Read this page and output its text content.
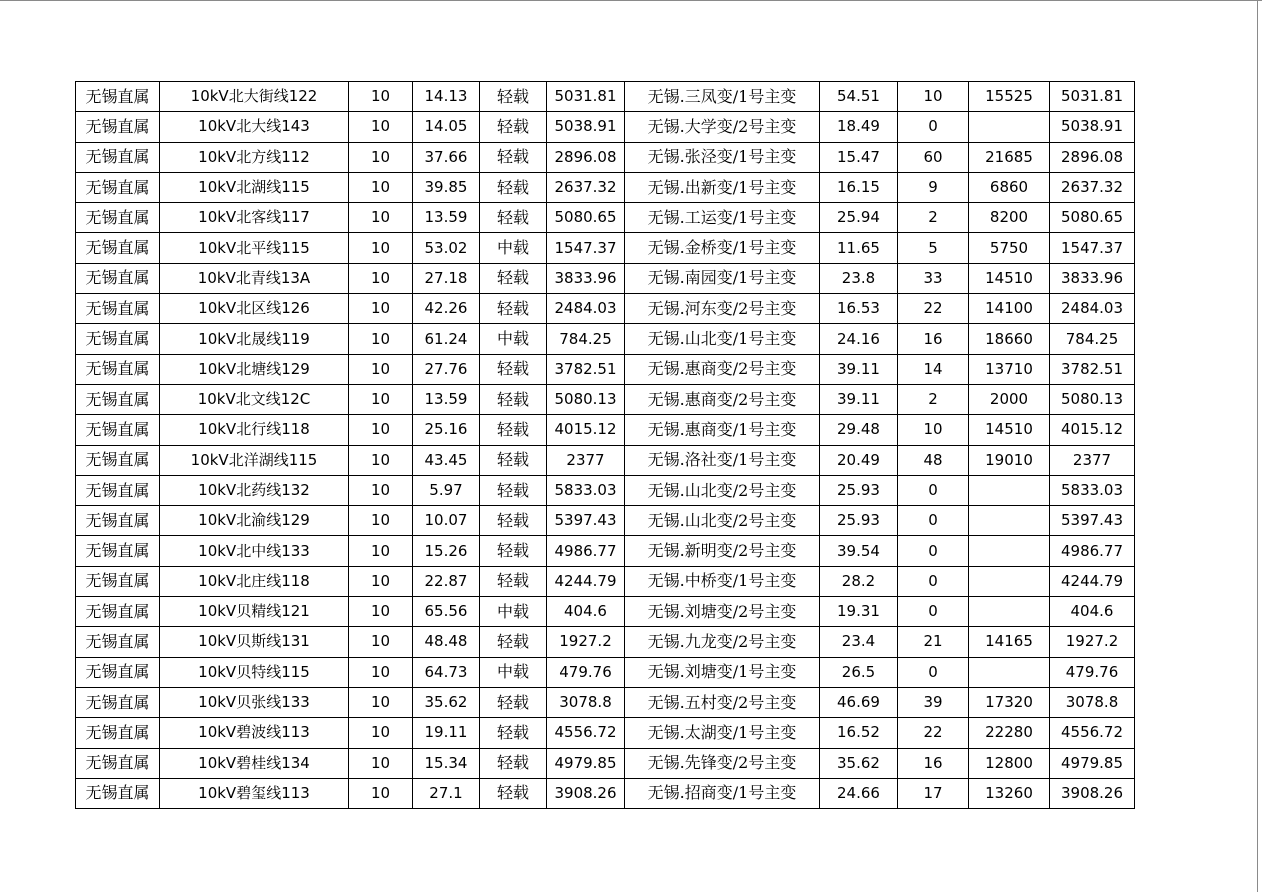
无锡直属	10kV北大街线122	10	14.13	轻载	5031.81	无锡.三凤变/1号主变	54.51	10	15525	5031.81
无锡直属	10kV北大线143	10	14.05	轻载	5038.91	无锡.大学变/2号主变	18.49	0		5038.91
无锡直属	10kV北方线112	10	37.66	轻载	2896.08	无锡.张泾变/1号主变	15.47	60	21685	2896.08
无锡直属	10kV北湖线115	10	39.85	轻载	2637.32	无锡.出新变/1号主变	16.15	9	6860	2637.32
无锡直属	10kV北客线117	10	13.59	轻载	5080.65	无锡.工运变/1号主变	25.94	2	8200	5080.65
无锡直属	10kV北平线115	10	53.02	中载	1547.37	无锡.金桥变/1号主变	11.65	5	5750	1547.37
无锡直属	10kV北青线13A	10	27.18	轻载	3833.96	无锡.南园变/1号主变	23.8	33	14510	3833.96
无锡直属	10kV北区线126	10	42.26	轻载	2484.03	无锡.河东变/2号主变	16.53	22	14100	2484.03
无锡直属	10kV北晟线119	10	61.24	中载	784.25	无锡.山北变/1号主变	24.16	16	18660	784.25
无锡直属	10kV北塘线129	10	27.76	轻载	3782.51	无锡.惠商变/2号主变	39.11	14	13710	3782.51
无锡直属	10kV北文线12C	10	13.59	轻载	5080.13	无锡.惠商变/2号主变	39.11	2	2000	5080.13
无锡直属	10kV北行线118	10	25.16	轻载	4015.12	无锡.惠商变/1号主变	29.48	10	14510	4015.12
无锡直属	10kV北洋湖线115	10	43.45	轻载	2377	无锡.洛社变/1号主变	20.49	48	19010	2377
无锡直属	10kV北药线132	10	5.97	轻载	5833.03	无锡.山北变/2号主变	25.93	0		5833.03
无锡直属	10kV北渝线129	10	10.07	轻载	5397.43	无锡.山北变/2号主变	25.93	0		5397.43
无锡直属	10kV北中线133	10	15.26	轻载	4986.77	无锡.新明变/2号主变	39.54	0		4986.77
无锡直属	10kV北庄线118	10	22.87	轻载	4244.79	无锡.中桥变/1号主变	28.2	0		4244.79
无锡直属	10kV贝精线121	10	65.56	中载	404.6	无锡.刘塘变/2号主变	19.31	0		404.6
无锡直属	10kV贝斯线131	10	48.48	轻载	1927.2	无锡.九龙变/2号主变	23.4	21	14165	1927.2
无锡直属	10kV贝特线115	10	64.73	中载	479.76	无锡.刘塘变/1号主变	26.5	0		479.76
无锡直属	10kV贝张线133	10	35.62	轻载	3078.8	无锡.五村变/2号主变	46.69	39	17320	3078.8
无锡直属	10kV碧波线113	10	19.11	轻载	4556.72	无锡.太湖变/1号主变	16.52	22	22280	4556.72
无锡直属	10kV碧桂线134	10	15.34	轻载	4979.85	无锡.先锋变/2号主变	35.62	16	12800	4979.85
无锡直属	10kV碧玺线113	10	27.1	轻载	3908.26	无锡.招商变/1号主变	24.66	17	13260	3908.26
